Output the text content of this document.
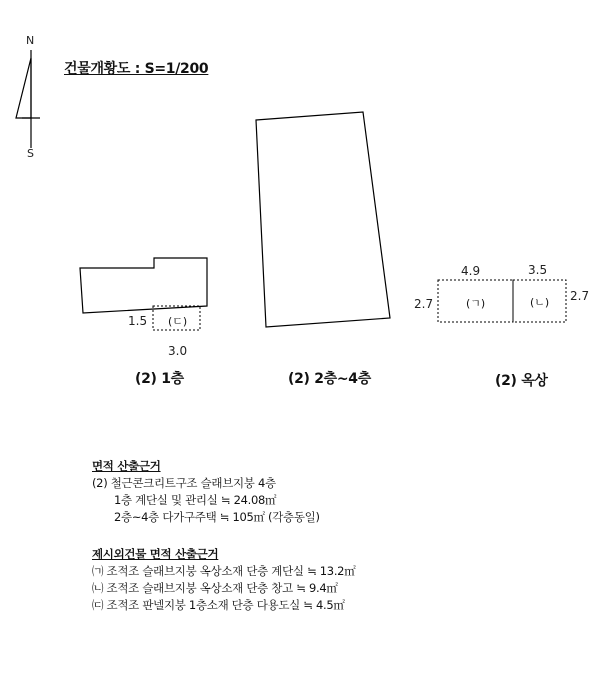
N
S
건물개황도 : S=1/200
1.5 (ㄷ)
3.0
(2) 1층	(2) 2층~4층
4.9	3.5
2.7
2.7
(ㄱ)	(ㄴ)
(2) 옥상
면적 산출근거
(2) 철근콘크리트구조 슬래브지붕 4층
1층 계단실 및 관리실 ≒ 24.08㎡
2층~4층 다가구주택 ≒ 105㎡ (각층동일)
제시외건물 면적 산출근거
㈀ 조적조 슬래브지붕 옥상소재 단층 계단실 ≒ 13.2㎡
㈁ 조적조 슬래브지붕 옥상소재 단층 창고 ≒ 9.4㎡
㈂ 조적조 판넬지붕 1층소재 단층 다용도실 ≒ 4.5㎡
